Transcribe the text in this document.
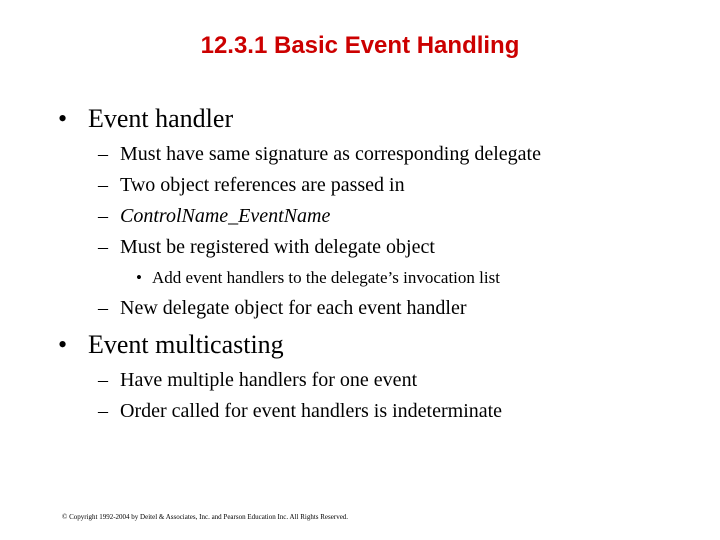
12.3.1 Basic Event Handling
• Event handler
– Must have same signature as corresponding delegate
– Two object references are passed in
– ControlName_EventName
– Must be registered with delegate object
• Add event handlers to the delegate’s invocation list
– New delegate object for each event handler
• Event multicasting
– Have multiple handlers for one event
– Order called for event handlers is indeterminate
© Copyright 1992-2004 by Deitel & Associates, Inc. and Pearson Education Inc. All Rights Reserved.
